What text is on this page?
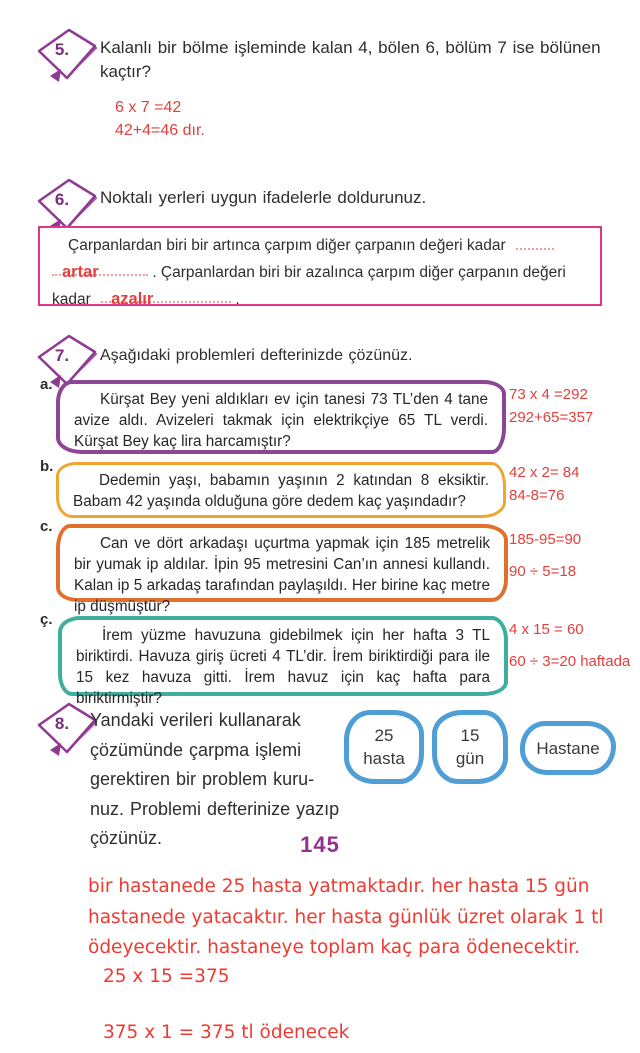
5.	Kalanlı bir bölme işleminde kalan 4, bölen 6, bölüm 7 ise bölünen kaçtır?
6 x 7 =42
42+4=46 dır.
6.	Noktalı yerleri uygun ifadelerle doldurunuz.
Çarpanlardan biri bir artınca çarpım diğer çarpanın değeri kadar
artar	. Çarpanlardan biri bir azalınca çarpım diğer çarpanın değeri
kadar azalır	.
7.	Aşağıdaki problemleri defterinizde çözünüz.
a.
Kürşat Bey yeni aldıkları ev için tanesi 73 TL’den 4 tane avize aldı. Avizeleri takmak için elektrikçiye 65 TL verdi. Kürşat Bey kaç lira harcamıştır?
73 x 4 =292
292+65=357
b.
Dedemin yaşı, babamın yaşının 2 katından 8 eksiktir. Babam 42 yaşında olduğuna göre dedem kaç yaşındadır?
42 x 2= 84
84-8=76
c.
Can ve dört arkadaşı uçurtma yapmak için 185 metrelik bir yumak ip aldılar. İpin 95 metresini Can’ın annesi kullandı. Kalan ip 5 arkadaş tarafından paylaşıldı. Her birine kaç metre ip düşmüştür?
185-95=90
90 ÷ 5=18
ç.
İrem yüzme havuzuna gidebilmek için her hafta 3 TL biriktirdi. Havuza giriş ücreti 4 TL’dir. İrem biriktirdiği para ile 15 kez havuza gitti. İrem havuz için kaç hafta para biriktirmiştir?
4 x 15 = 60
60 ÷ 3=20 haftada
8.	Yandaki verileri kullanarak
çözümünde çarpma işlemi
gerektiren bir problem kuru-
nuz. Problemi defterinize yazıp
çözünüz.
25
hasta
15
gün
Hastane
145
bir hastanede 25 hasta yatmaktadır. her hasta 15 gün
hastanede yatacaktır. her hasta günlük üzret olarak 1 tl
ödeyecektir. hastaneye toplam kaç para ödenecektir.
25 x 15 =375
375 x 1 = 375 tl ödenecek
